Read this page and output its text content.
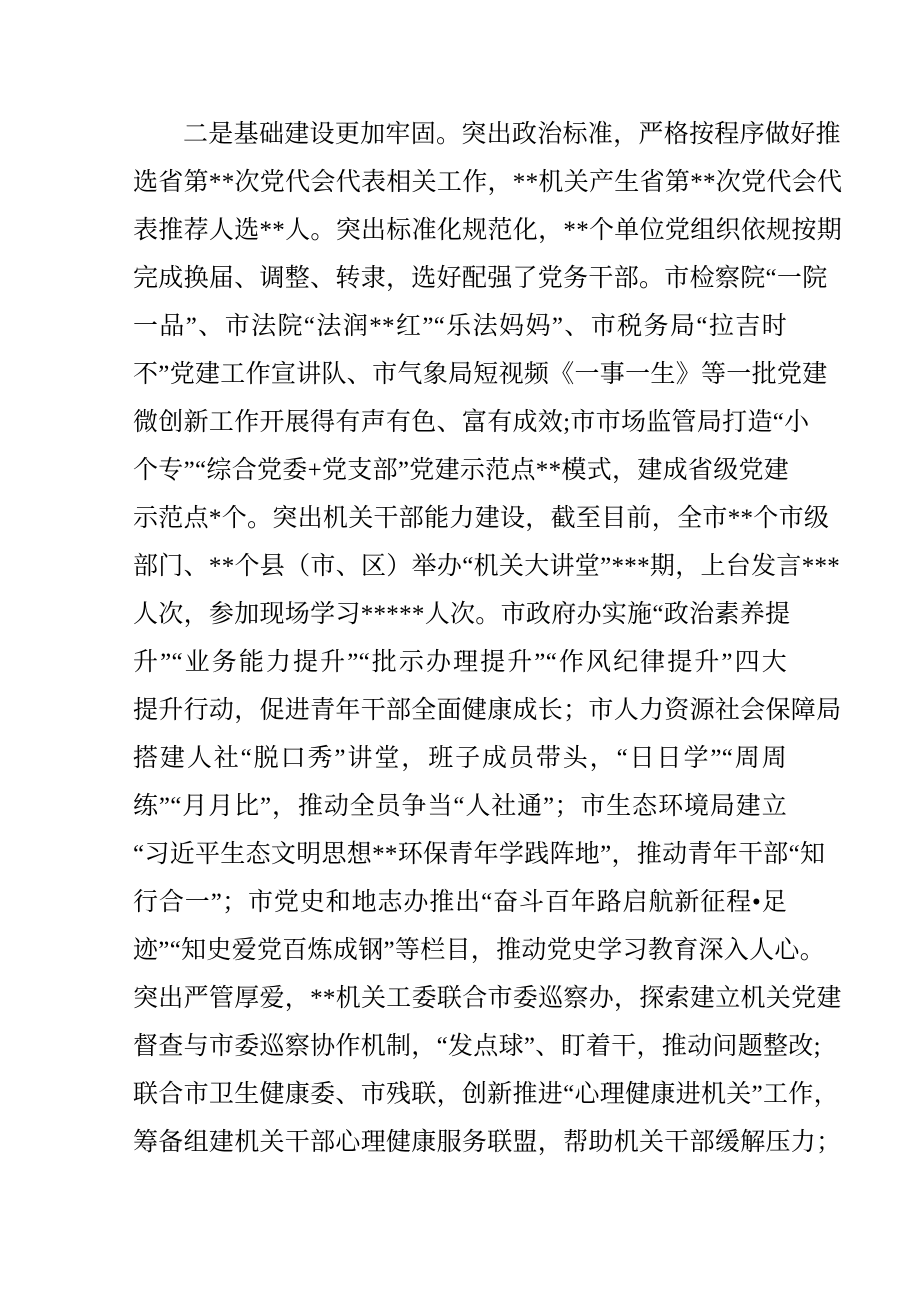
二是基础建设更加牢固。突出政治标准，严格按程序做好推
选省第**次党代会代表相关工作，**机关产生省第**次党代会代
表推荐人选**人。突出标准化规范化，**个单位党组织依规按期
完成换届、调整、转隶，选好配强了党务干部。市检察院“一院
一品”、市法院“法润**红”“乐法妈妈”、市税务局“拉吉时
不”党建工作宣讲队、市气象局短视频《一事一生》等一批党建
微创新工作开展得有声有色、富有成效;市市场监管局打造“小
个专”“综合党委+党支部”党建示范点**模式，建成省级党建
示范点*个。突出机关干部能力建设，截至目前，全市**个市级
部门、**个县（市、区）举办“机关大讲堂”***期，上台发言***
人次，参加现场学习*****人次。市政府办实施“政治素养提
升”“业务能力提升”“批示办理提升”“作风纪律提升”四大
提升行动，促进青年干部全面健康成长；市人力资源社会保障局
搭建人社“脱口秀”讲堂，班子成员带头，“日日学”“周周
练”“月月比”，推动全员争当“人社通”；市生态环境局建立
“习近平生态文明思想**环保青年学践阵地”，推动青年干部“知
行合一”；市党史和地志办推出“奋斗百年路启航新征程•足
迹”“知史爱党百炼成钢”等栏目，推动党史学习教育深入人心。
突出严管厚爱，**机关工委联合市委巡察办，探索建立机关党建
督查与市委巡察协作机制，“发点球”、盯着干，推动问题整改;
联合市卫生健康委、市残联，创新推进“心理健康进机关”工作，
筹备组建机关干部心理健康服务联盟，帮助机关干部缓解压力；
